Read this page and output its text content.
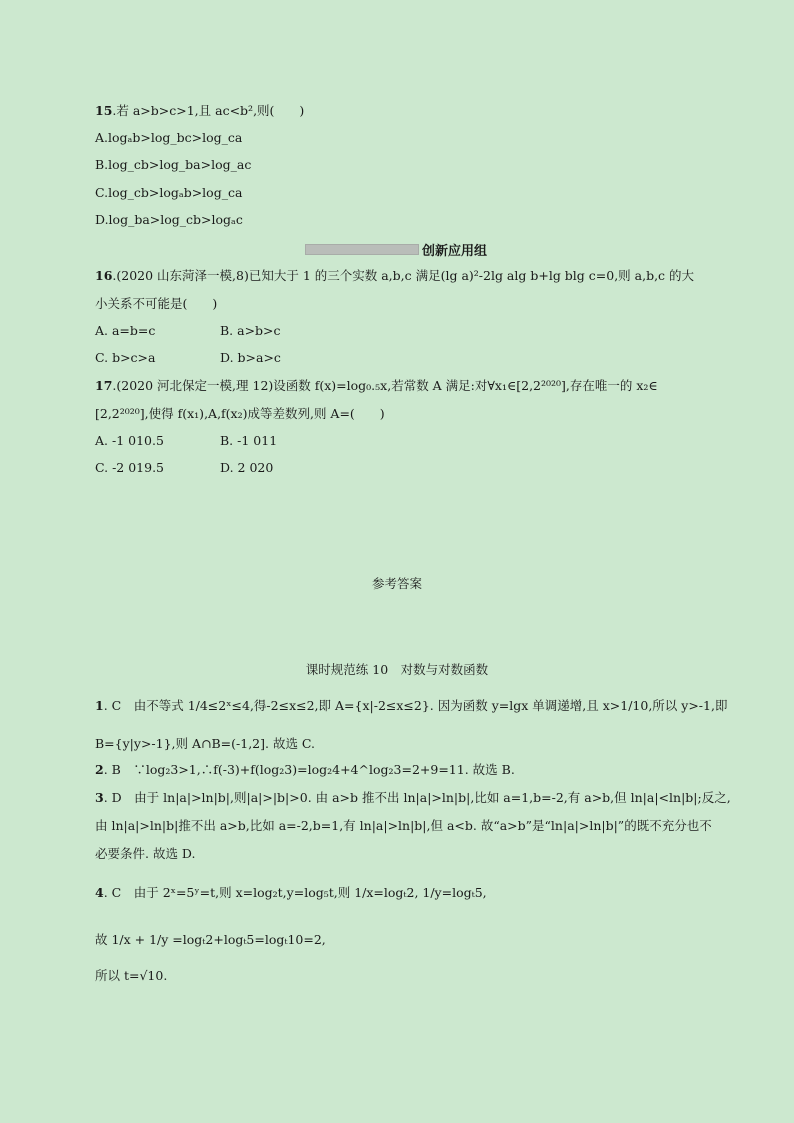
15.若 a>b>c>1,且 ac<b²,则(　　)
A.logₐb>log_bc>log_ca
B.log_cb>log_ba>log_ac
C.log_cb>logₐb>log_ca
D.log_ba>log_cb>logₐc
创新应用组
16.(2020 山东菏泽一模,8)已知大于 1 的三个实数 a,b,c 满足(lg a)²-2lg alg b+lg blg c=0,则 a,b,c 的大
小关系不可能是(　　)
A. a=b=c	B. a>b>c
C. b>c>a	D. b>a>c
17.(2020 河北保定一模,理 12)设函数 f(x)=log₀.₅x,若常数 A 满足:对∀x₁∈[2,2²⁰²⁰],存在唯一的 x₂∈
[2,2²⁰²⁰],使得 f(x₁),A,f(x₂)成等差数列,则 A=(　　)
A. -1 010.5	B. -1 011
C. -2 019.5	D. 2 020
参考答案
课时规范练 10　对数与对数函数
1. C　由不等式 1/4≤2ˣ≤4,得-2≤x≤2,即 A={x|-2≤x≤2}. 因为函数 y=lgx 单调递增,且 x>1/10,所以 y>-1,即
B={y|y>-1},则 A∩B=(-1,2]. 故选 C.
2. B　∵log₂3>1,∴f(-3)+f(log₂3)=log₂4+4^log₂3=2+9=11. 故选 B.
3. D　由于 ln|a|>ln|b|,则|a|>|b|>0. 由 a>b 推不出 ln|a|>ln|b|,比如 a=1,b=-2,有 a>b,但 ln|a|<ln|b|;反之,
由 ln|a|>ln|b|推不出 a>b,比如 a=-2,b=1,有 ln|a|>ln|b|,但 a<b. 故“a>b”是“ln|a|>ln|b|”的既不充分也不
必要条件. 故选 D.
4. C　由于 2ˣ=5ʸ=t,则 x=log₂t,y=log₅t,则 1/x=logₜ2, 1/y=logₜ5,
故 1/x + 1/y =logₜ2+logₜ5=logₜ10=2,
所以 t=√10.
